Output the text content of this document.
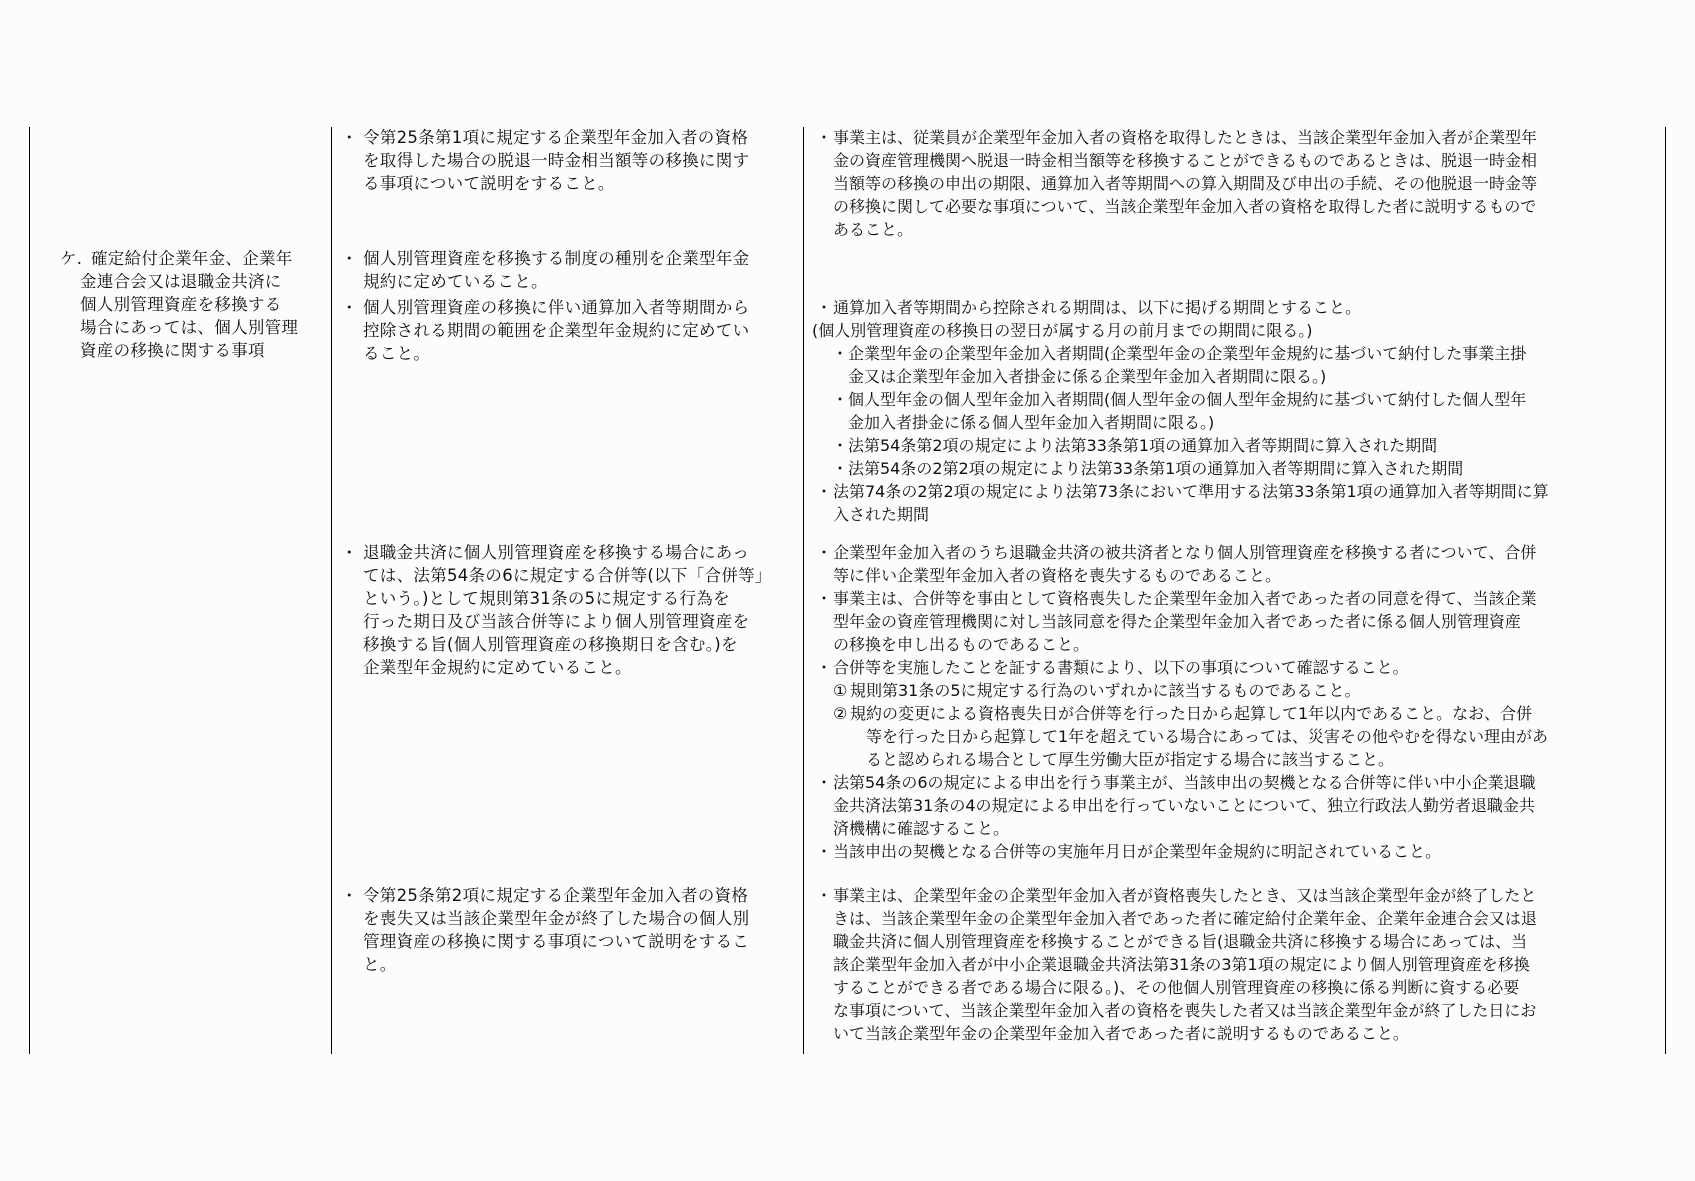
ケ. 確定給付企業年金、企業年
金連合会又は退職金共済に
個人別管理資産を移換する
場合にあっては、個人別管理
資産の移換に関する事項
・ 令第25条第1項に規定する企業型年金加入者の資格
を取得した場合の脱退一時金相当額等の移換に関す
る事項について説明をすること。
・ 個人別管理資産を移換する制度の種別を企業型年金
規約に定めていること。
・ 個人別管理資産の移換に伴い通算加入者等期間から
控除される期間の範囲を企業型年金規約に定めてい
ること。
・ 退職金共済に個人別管理資産を移換する場合にあっ
ては、法第54条の6に規定する合併等(以下「合併等」
という。)として規則第31条の5に規定する行為を
行った期日及び当該合併等により個人別管理資産を
移換する旨(個人別管理資産の移換期日を含む。)を
企業型年金規約に定めていること。
・ 令第25条第2項に規定する企業型年金加入者の資格
を喪失又は当該企業型年金が終了した場合の個人別
管理資産の移換に関する事項について説明をするこ
と。
・ 事業主は、従業員が企業型年金加入者の資格を取得したときは、当該企業型年金加入者が企業型年
金の資産管理機関へ脱退一時金相当額等を移換することができるものであるときは、脱退一時金相
当額等の移換の申出の期限、通算加入者等期間への算入期間及び申出の手続、その他脱退一時金等
の移換に関して必要な事項について、当該企業型年金加入者の資格を取得した者に説明するもので
あること。
・ 通算加入者等期間から控除される期間は、以下に掲げる期間とすること。
(個人別管理資産の移換日の翌日が属する月の前月までの期間に限る。)
・ 企業型年金の企業型年金加入者期間(企業型年金の企業型年金規約に基づいて納付した事業主掛
金又は企業型年金加入者掛金に係る企業型年金加入者期間に限る。)
・ 個人型年金の個人型年金加入者期間(個人型年金の個人型年金規約に基づいて納付した個人型年
金加入者掛金に係る個人型年金加入者期間に限る。)
・ 法第54条第2項の規定により法第33条第1項の通算加入者等期間に算入された期間
・ 法第54条の2第2項の規定により法第33条第1項の通算加入者等期間に算入された期間
・ 法第74条の2第2項の規定により法第73条において準用する法第33条第1項の通算加入者等期間に算
入された期間
・ 企業型年金加入者のうち退職金共済の被共済者となり個人別管理資産を移換する者について、合併
等に伴い企業型年金加入者の資格を喪失するものであること。
・ 事業主は、合併等を事由として資格喪失した企業型年金加入者であった者の同意を得て、当該企業
型年金の資産管理機関に対し当該同意を得た企業型年金加入者であった者に係る個人別管理資産
の移換を申し出るものであること。
・ 合併等を実施したことを証する書類により、以下の事項について確認すること。
① 規則第31条の5に規定する行為のいずれかに該当するものであること。
② 規約の変更による資格喪失日が合併等を行った日から起算して1年以内であること。なお、合併
等を行った日から起算して1年を超えている場合にあっては、災害その他やむを得ない理由があ
ると認められる場合として厚生労働大臣が指定する場合に該当すること。
・ 法第54条の6の規定による申出を行う事業主が、当該申出の契機となる合併等に伴い中小企業退職
金共済法第31条の4の規定による申出を行っていないことについて、独立行政法人勤労者退職金共
済機構に確認すること。
・ 当該申出の契機となる合併等の実施年月日が企業型年金規約に明記されていること。
・ 事業主は、企業型年金の企業型年金加入者が資格喪失したとき、又は当該企業型年金が終了したと
きは、当該企業型年金の企業型年金加入者であった者に確定給付企業年金、企業年金連合会又は退
職金共済に個人別管理資産を移換することができる旨(退職金共済に移換する場合にあっては、当
該企業型年金加入者が中小企業退職金共済法第31条の3第1項の規定により個人別管理資産を移換
することができる者である場合に限る。)、その他個人別管理資産の移換に係る判断に資する必要
な事項について、当該企業型年金加入者の資格を喪失した者又は当該企業型年金が終了した日にお
いて当該企業型年金の企業型年金加入者であった者に説明するものであること。
